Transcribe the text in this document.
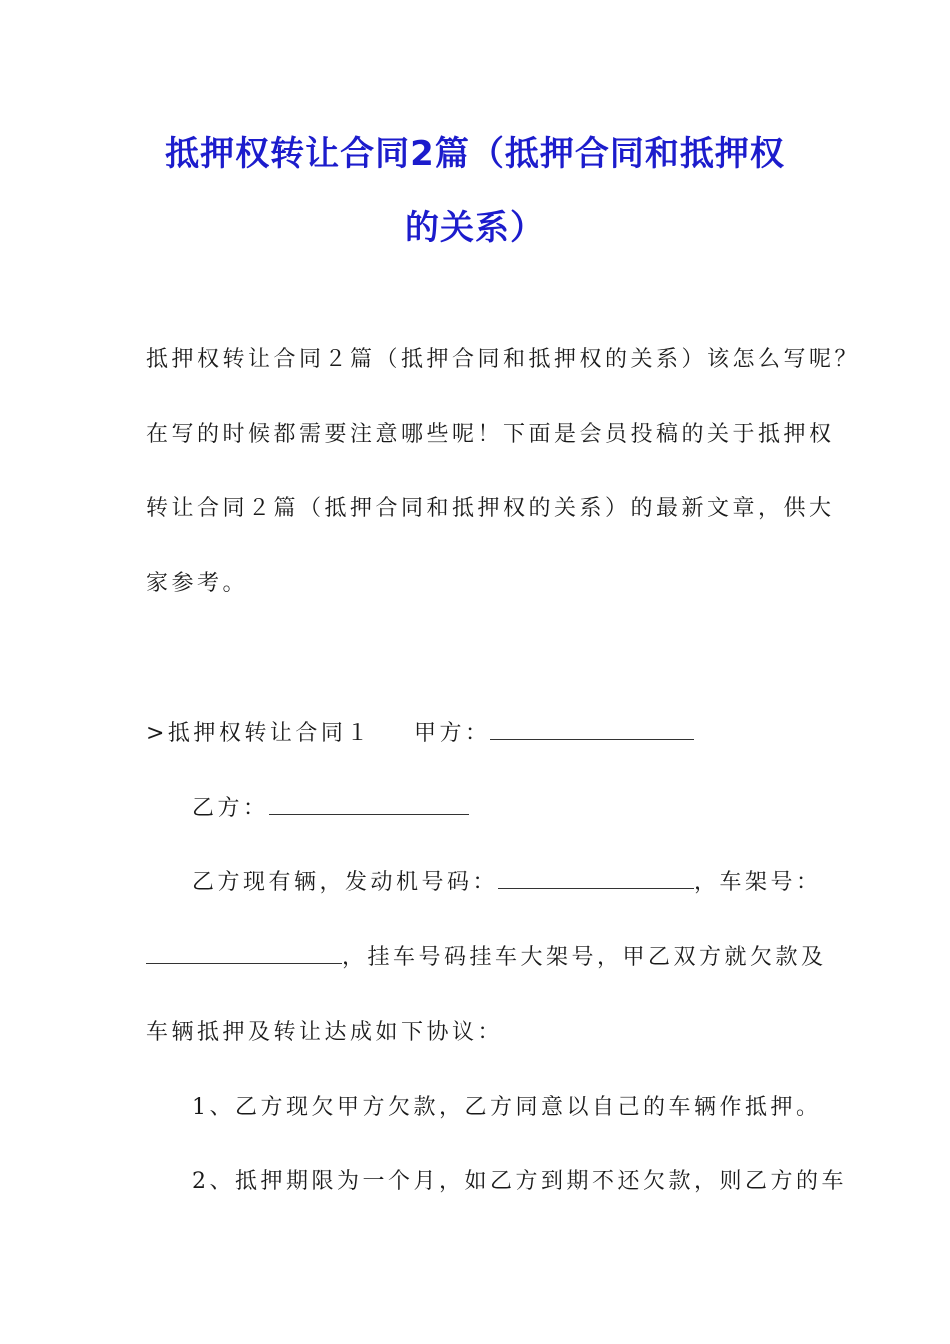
抵押权转让合同2篇（抵押合同和抵押权
的关系）
抵押权转让合同２篇（抵押合同和抵押权的关系）该怎么写呢？
在写的时候都需要注意哪些呢！下面是会员投稿的关于抵押权
转让合同２篇（抵押合同和抵押权的关系）的最新文章，供大
家参考。
>抵押权转让合同１ 甲方：
乙方：
乙方现有辆，发动机号码：	，车架号：
，挂车号码挂车大架号，甲乙双方就欠款及
车辆抵押及转让达成如下协议：
1、乙方现欠甲方欠款，乙方同意以自己的车辆作抵押。
2、抵押期限为一个月，如乙方到期不还欠款，则乙方的车
